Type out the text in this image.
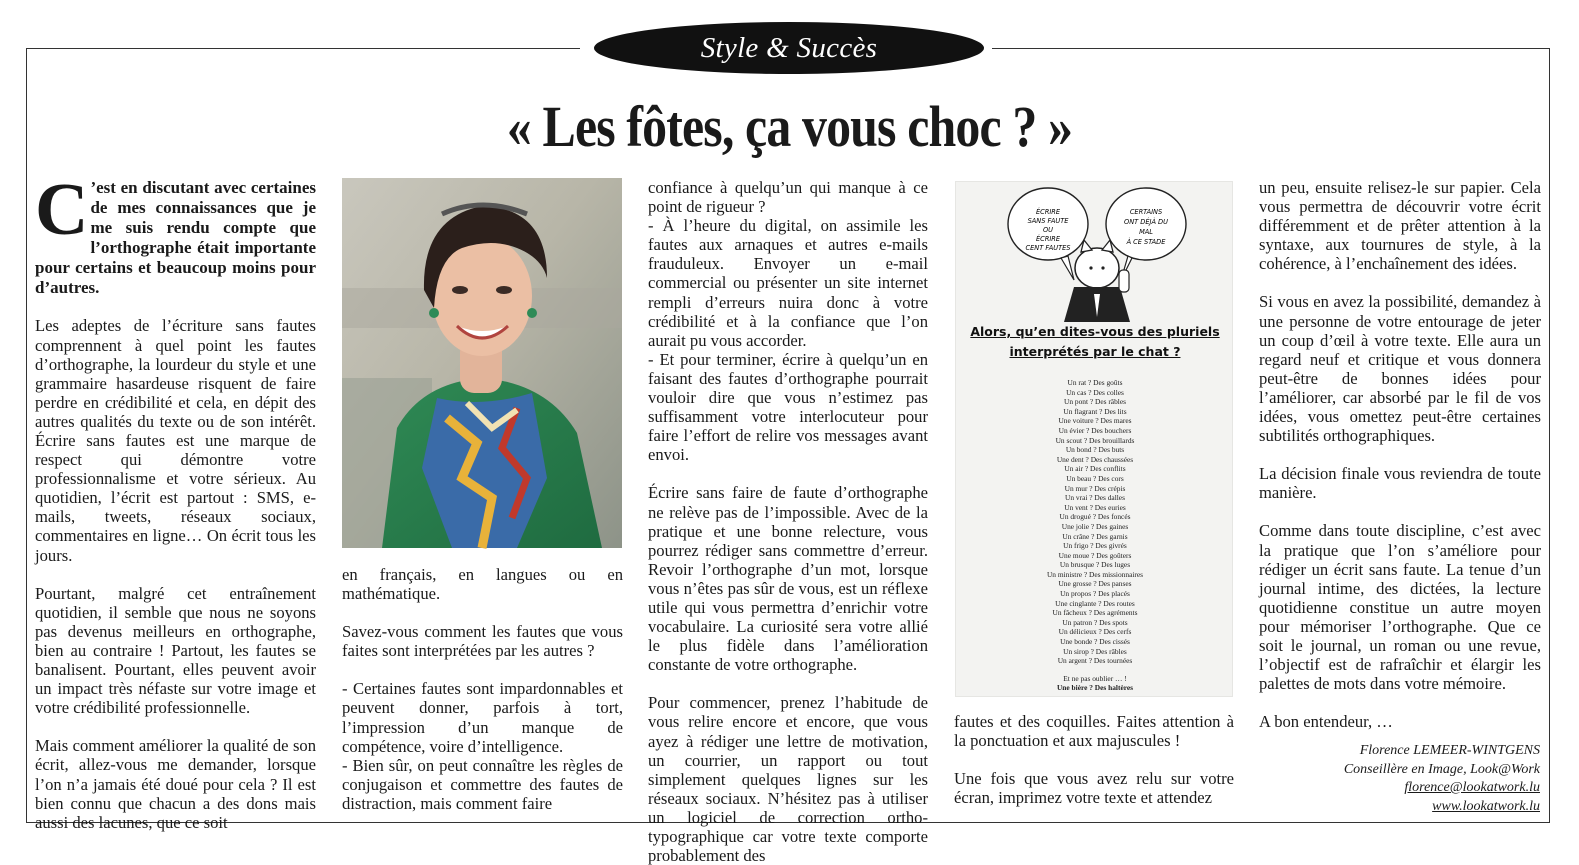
Style & Succès
« Les fôtes, ça vous choc ? »

C ’est en discutant avec certaines de mes connaissances que je me suis rendu compte que l’orthographe était importante pour certains et beaucoup moins pour d’autres.

Les adeptes de l’écriture sans fautes comprennent à quel point les fautes d’orthographe, la lourdeur du style et une grammaire hasardeuse risquent de faire perdre en crédibilité et cela, en dépit des autres qualités du texte ou de son intérêt. Écrire sans fautes est une marque de respect qui démontre votre professionnalisme et votre sérieux. Au quotidien, l’écrit est partout : SMS, e-mails, tweets, réseaux sociaux, commentaires en ligne… On écrit tous les jours.

Pourtant, malgré cet entraînement quotidien, il semble que nous ne soyons pas devenus meilleurs en orthographe, bien au contraire ! Partout, les fautes se banalisent. Pourtant, elles peuvent avoir un impact très néfaste sur votre image et votre crédibilité professionnelle.

Mais comment améliorer la qualité de son écrit, allez-vous me demander, lorsque l’on n’a jamais été doué pour cela ? Il est bien connu que chacun a des dons mais aussi des lacunes, que ce soit

en français, en langues ou en mathématique.

Savez-vous comment les fautes que vous faites sont interprétées par les autres ?

- Certaines fautes sont impardonnables et peuvent donner, parfois à tort, l’impression d’un manque de compétence, voire d’intelligence.

- Bien sûr, on peut connaître les règles de conjugaison et commettre des fautes de distraction, mais comment faire

confiance à quelqu’un qui manque à ce point de rigueur ?

- À l’heure du digital, on assimile les fautes aux arnaques et autres e-mails frauduleux. Envoyer un e-mail commercial ou présenter un site internet rempli d’erreurs nuira donc à votre crédibilité et à la confiance que l’on aurait pu vous accorder.

- Et pour terminer, écrire à quelqu’un en faisant des fautes d’orthographe pourrait vouloir dire que vous n’estimez pas suffisamment votre interlocuteur pour faire l’effort de relire vos messages avant envoi.

Écrire sans faire de faute d’orthographe ne relève pas de l’impossible. Avec de la pratique et une bonne relecture, vous pourrez rédiger sans commettre d’erreur. Revoir l’orthographe d’un mot, lorsque vous n’êtes pas sûr de vous, est un réflexe utile qui vous permettra d’enrichir votre vocabulaire. La curiosité sera votre allié le plus fidèle dans l’amélioration constante de votre orthographe.

Pour commencer, prenez l’habitude de vous relire encore et encore, que vous ayez à rédiger une lettre de motivation, un courrier, un rapport ou tout simplement quelques lignes sur les réseaux sociaux. N’hésitez pas à utiliser un logiciel de correction ortho-typographique car votre texte comporte probablement des

ÉCRIRE
SANS FAUTE
OU
ÉCRIRE
CENT FAUTES
CERTAINS
ONT DÉJÀ DU
MAL
À CE STADE
Alors, qu’en dites-vous des pluriels interprétés par le chat ?
Un rat ? Des goûts
Un cas ? Des colles
Un pont ? Des râbles
Un flagrant ? Des lits
Une voiture ? Des mares
Un évier ? Des bouchers
Un scout ? Des brouillards
Un bond ? Des buts
Une dent ? Des chaussées
Un air ? Des conflits
Un beau ? Des cors
Un mur ? Des crépis
Un vrai ? Des dalles
Un vent ? Des euries
Un drogué ? Des foncés
Une jolie ? Des gaines
Un crâne ? Des garnis
Un frigo ? Des givrés
Une moue ? Des goûters
Un brusque ? Des luges
Un ministre ? Des missionnaires
Une grosse ? Des panses
Un propos ? Des placés
Une cinglante ? Des routes
Un fâcheux ? Des agréments
Un patron ? Des spots
Un délicieux ? Des cerfs
Une bonde ? Des cissés
Un sirop ? Des râbles
Un argent ? Des tournées
Et ne pas oublier … !
Une bière ? Des haltères

fautes et des coquilles. Faites attention à la ponctuation et aux majuscules !

Une fois que vous avez relu sur votre écran, imprimez votre texte et attendez

un peu, ensuite relisez-le sur papier. Cela vous permettra de découvrir votre écrit différemment et de prêter attention à la syntaxe, aux tournures de style, à la cohérence, à l’enchaînement des idées.

Si vous en avez la possibilité, demandez à une personne de votre entourage de jeter un coup d’œil à votre texte. Elle aura un regard neuf et critique et vous donnera peut-être de bonnes idées pour l’améliorer, car absorbé par le fil de vos idées, vous omettez peut-être certaines subtilités orthographiques.

La décision finale vous reviendra de toute manière.

Comme dans toute discipline, c’est avec la pratique que l’on s’améliore pour rédiger un écrit sans faute. La tenue d’un journal intime, des dictées, la lecture quotidienne constitue un autre moyen pour mémoriser l’orthographe. Que ce soit le journal, un roman ou une revue, l’objectif est de rafraîchir et élargir les palettes de mots dans votre mémoire.

A bon entendeur, …

Florence LEMEER-WINTGENS
Conseillère en Image, Look@Work
florence@lookatwork.lu
www.lookatwork.lu
